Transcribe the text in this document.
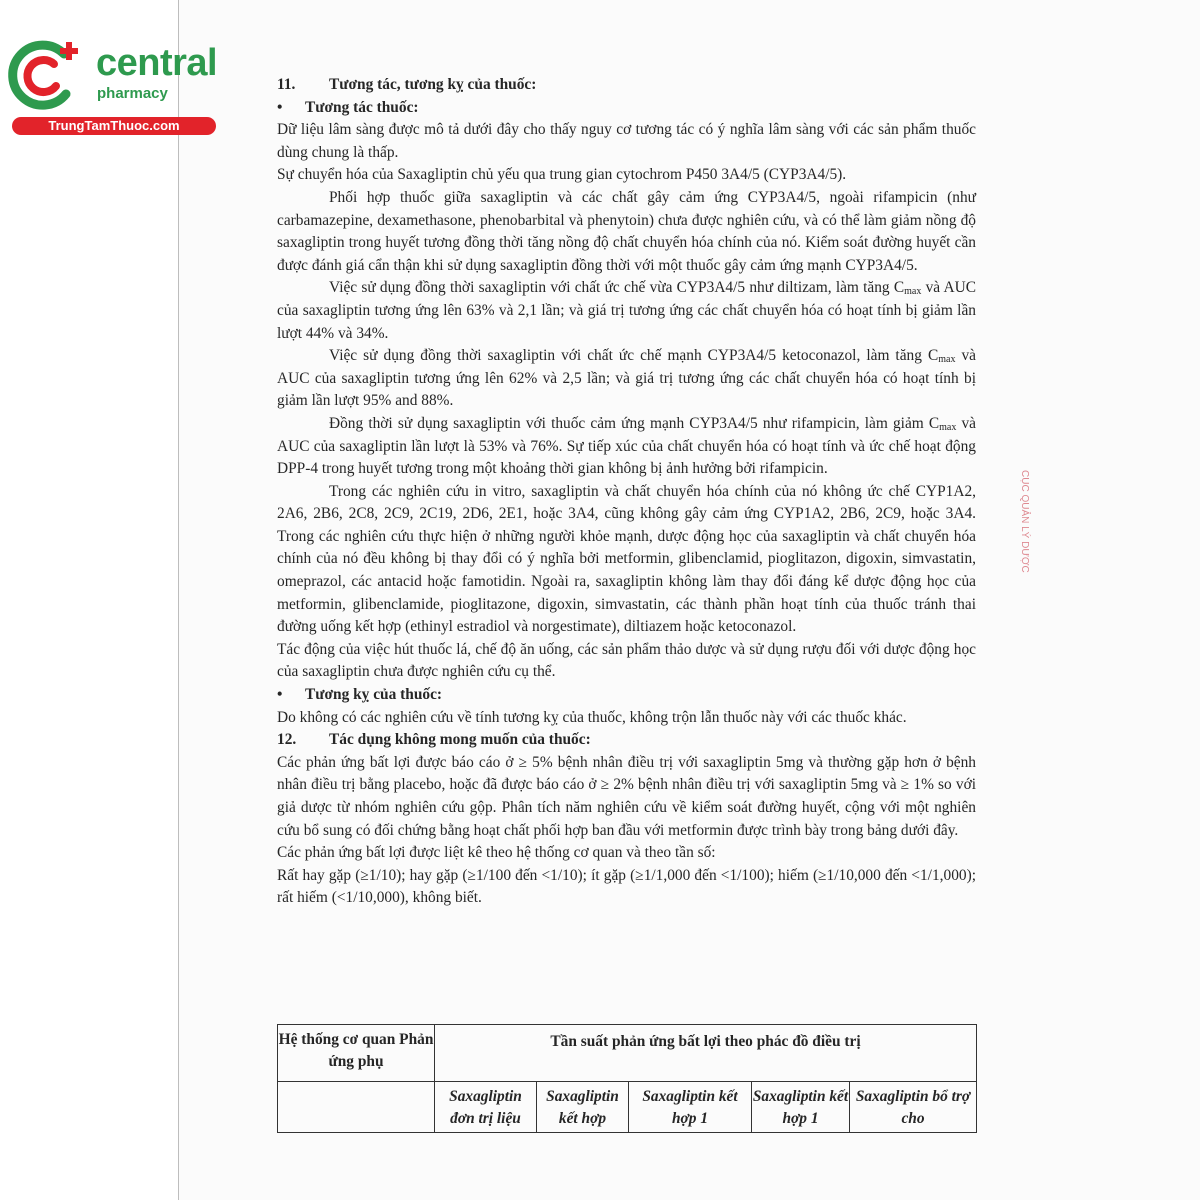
central
pharmacy
TrungTamThuoc.com

11. Tương tác, tương kỵ của thuốc:

• Tương tác thuốc:

Dữ liệu lâm sàng được mô tả dưới đây cho thấy nguy cơ tương tác có ý nghĩa lâm sàng với các sản phẩm thuốc dùng chung là thấp.

Sự chuyển hóa của Saxagliptin chủ yếu qua trung gian cytochrom P450 3A4/5 (CYP3A4/5).

Phối hợp thuốc giữa saxagliptin và các chất gây cảm ứng CYP3A4/5, ngoài rifampicin (như carbamazepine, dexamethasone, phenobarbital và phenytoin) chưa được nghiên cứu, và có thể làm giảm nồng độ saxagliptin trong huyết tương đồng thời tăng nồng độ chất chuyển hóa chính của nó. Kiểm soát đường huyết cần được đánh giá cẩn thận khi sử dụng saxagliptin đồng thời với một thuốc gây cảm ứng mạnh CYP3A4/5.

Việc sử dụng đồng thời saxagliptin với chất ức chế vừa CYP3A4/5 như diltizam, làm tăng $C_{max}$ và AUC của saxagliptin tương ứng lên 63% và 2,1 lần; và giá trị tương ứng các chất chuyển hóa có hoạt tính bị giảm lần lượt 44% và 34%.

Việc sử dụng đồng thời saxagliptin với chất ức chế mạnh CYP3A4/5 ketoconazol, làm tăng $C_{max}$ và AUC của saxagliptin tương ứng lên 62% và 2,5 lần; và giá trị tương ứng các chất chuyển hóa có hoạt tính bị giảm lần lượt 95% and 88%.

Đồng thời sử dụng saxagliptin với thuốc cảm ứng mạnh CYP3A4/5 như rifampicin, làm giảm $C_{max}$ và AUC của saxagliptin lần lượt là 53% và 76%. Sự tiếp xúc của chất chuyển hóa có hoạt tính và ức chế hoạt động DPP-4 trong huyết tương trong một khoảng thời gian không bị ảnh hưởng bởi rifampicin.

Trong các nghiên cứu in vitro, saxagliptin và chất chuyển hóa chính của nó không ức chế CYP1A2, 2A6, 2B6, 2C8, 2C9, 2C19, 2D6, 2E1, hoặc 3A4, cũng không gây cảm ứng CYP1A2, 2B6, 2C9, hoặc 3A4. Trong các nghiên cứu thực hiện ở những người khỏe mạnh, dược động học của saxagliptin và chất chuyển hóa chính của nó đều không bị thay đổi có ý nghĩa bởi metformin, glibenclamid, pioglitazon, digoxin, simvastatin, omeprazol, các antacid hoặc famotidin. Ngoài ra, saxagliptin không làm thay đổi đáng kể dược động học của metformin, glibenclamide, pioglitazone, digoxin, simvastatin, các thành phần hoạt tính của thuốc tránh thai đường uống kết hợp (ethinyl estradiol và norgestimate), diltiazem hoặc ketoconazol.

Tác động của việc hút thuốc lá, chế độ ăn uống, các sản phẩm thảo dược và sử dụng rượu đối với dược động học của saxagliptin chưa được nghiên cứu cụ thể.

• Tương kỵ của thuốc:

Do không có các nghiên cứu về tính tương kỵ của thuốc, không trộn lẫn thuốc này với các thuốc khác.

12. Tác dụng không mong muốn của thuốc:

Các phản ứng bất lợi được báo cáo ở ≥ 5% bệnh nhân điều trị với saxagliptin 5mg và thường gặp hơn ở bệnh nhân điều trị bằng placebo, hoặc đã được báo cáo ở ≥ 2% bệnh nhân điều trị với saxagliptin 5mg và ≥ 1% so với giả dược từ nhóm nghiên cứu gộp. Phân tích năm nghiên cứu về kiểm soát đường huyết, cộng với một nghiên cứu bổ sung có đối chứng bằng hoạt chất phối hợp ban đầu với metformin được trình bày trong bảng dưới đây.

Các phản ứng bất lợi được liệt kê theo hệ thống cơ quan và theo tần số:

Rất hay gặp (≥1/10); hay gặp (≥1/100 đến <1/10); ít gặp (≥1/1,000 đến <1/100); hiếm (≥1/10,000 đến <1/1,000); rất hiếm (<1/10,000), không biết.

Hệ thống cơ quan Phản ứng phụ	Tần suất phản ứng bất lợi theo phác đồ điều trị				
	Saxagliptin đơn trị liệu	Saxagliptin kết hợp	Saxagliptin kết hợp 1	Saxagliptin kết hợp 1	Saxagliptin bổ trợ cho
CỤC QUẢN LÝ DƯỢC
